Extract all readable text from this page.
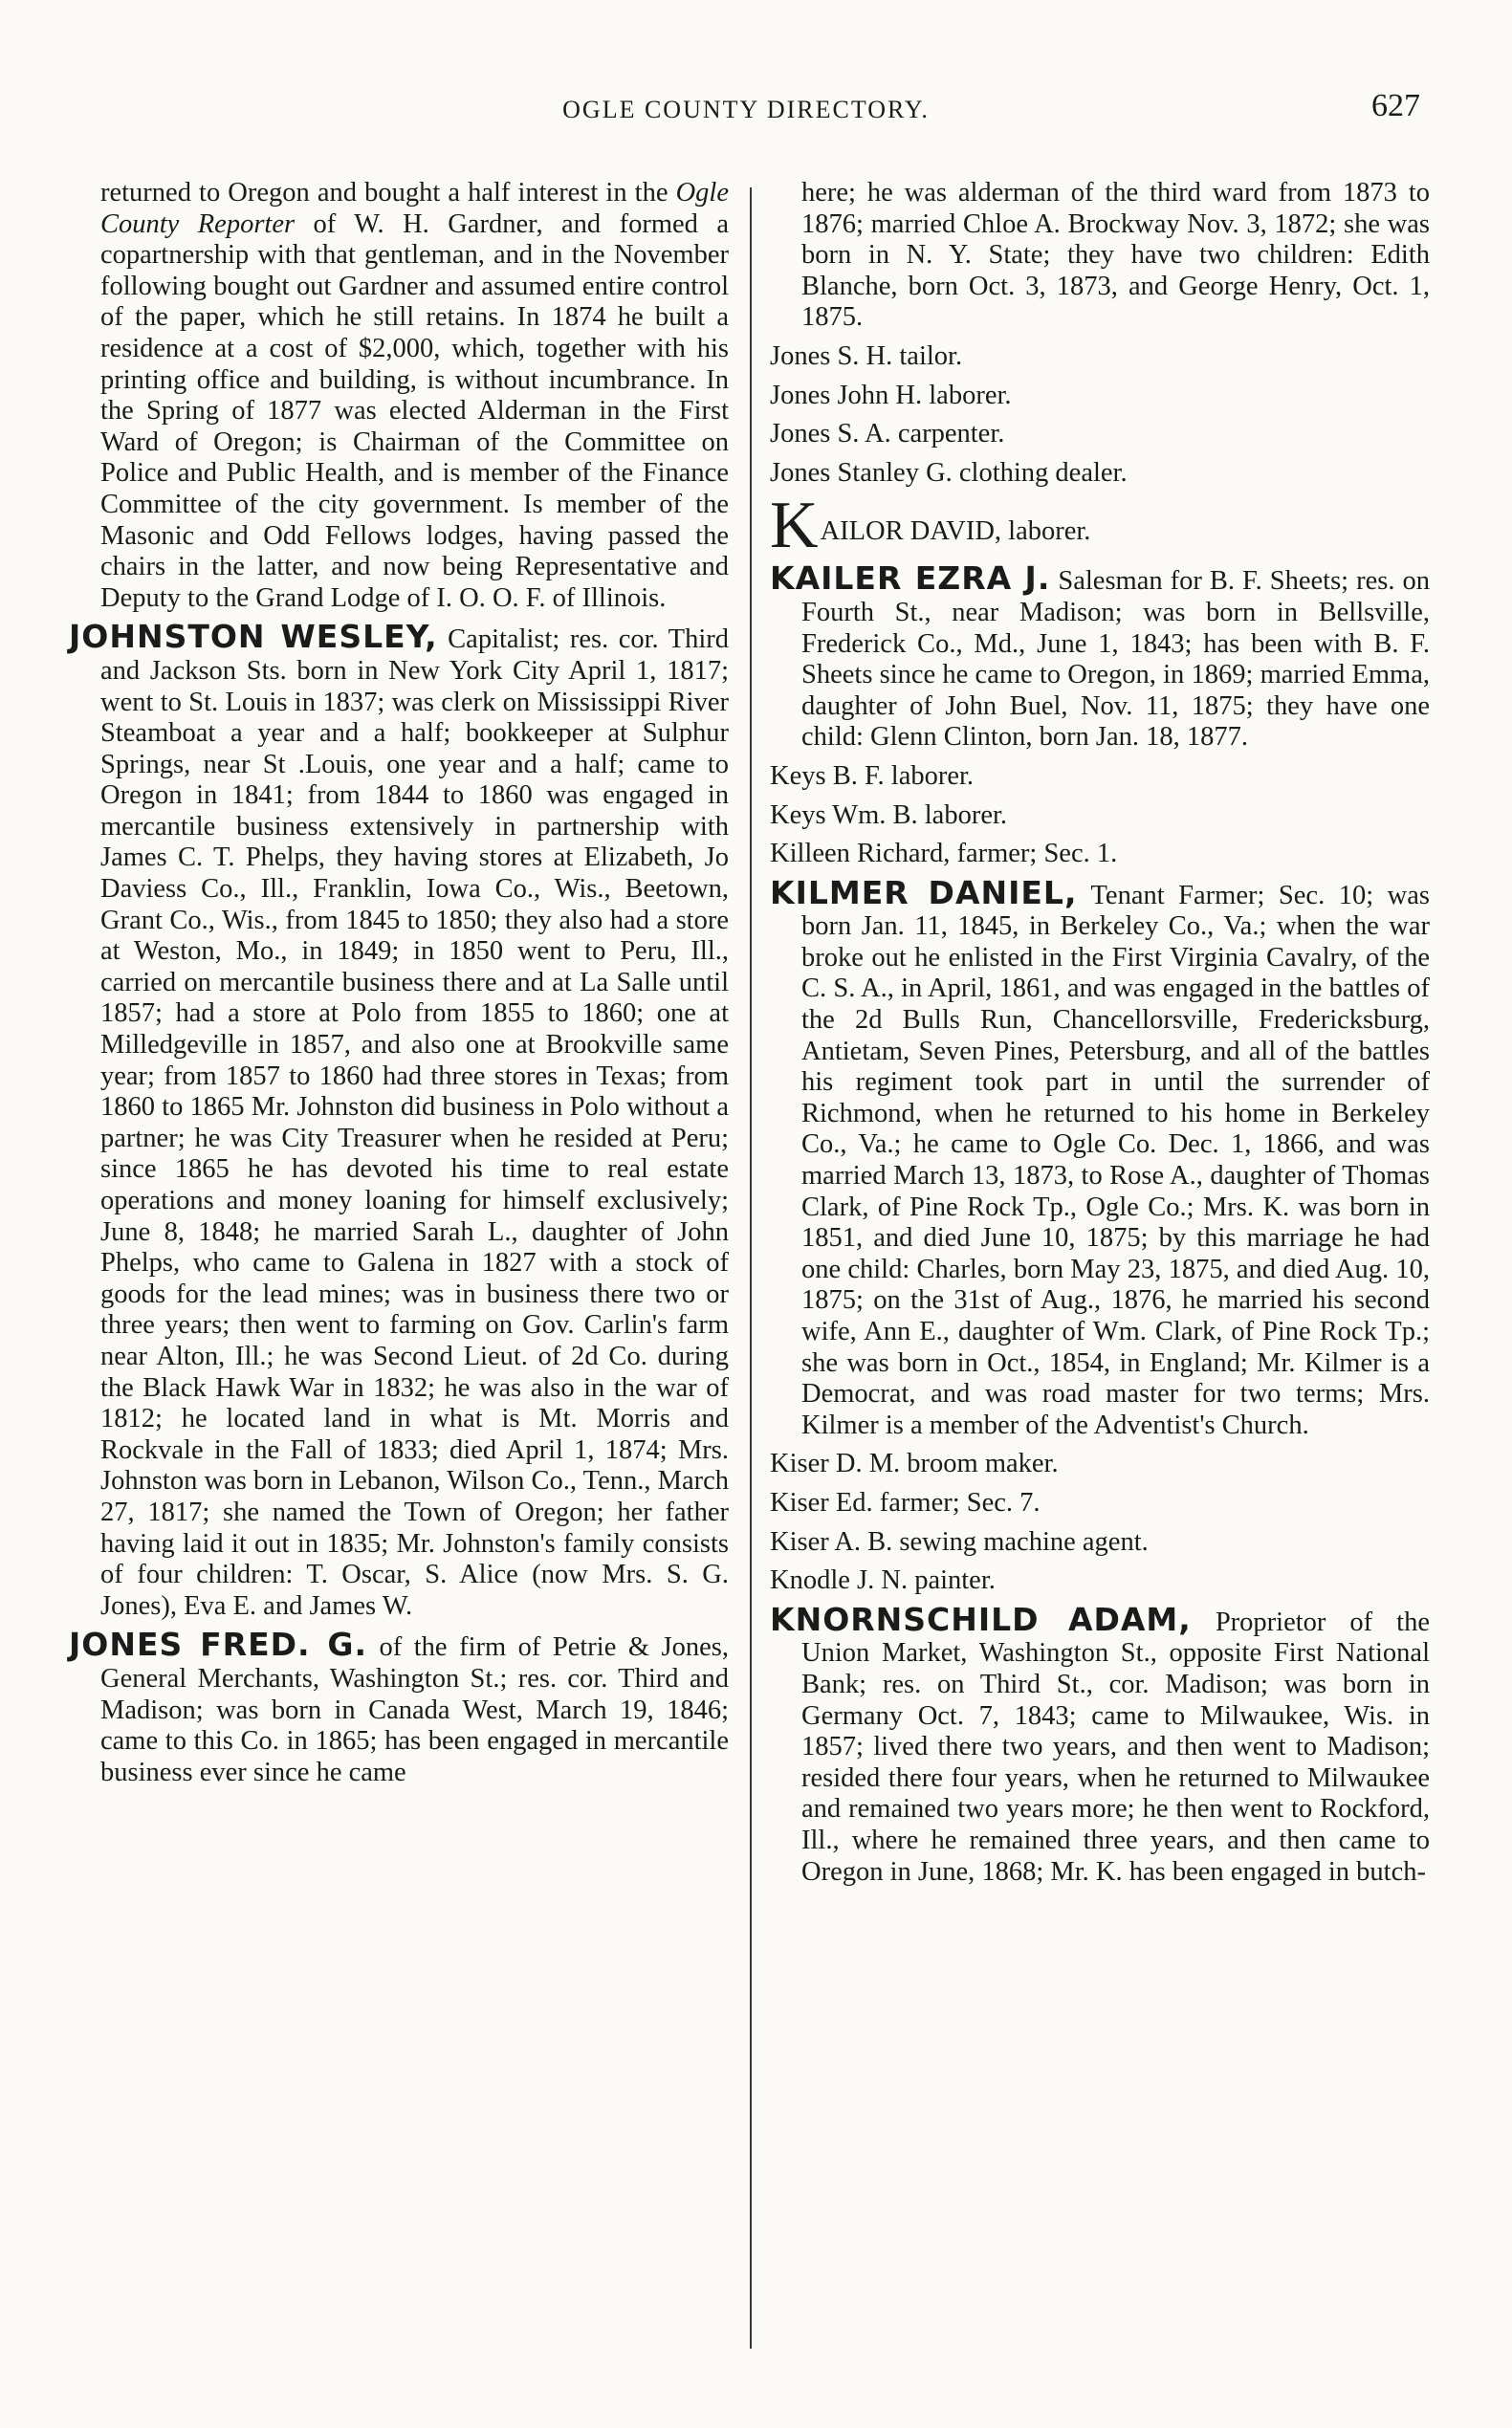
OGLE COUNTY DIRECTORY.	627

returned to Oregon and bought a half interest in the Ogle County Reporter of W. H. Gardner, and formed a copartnership with that gentleman, and in the November following bought out Gardner and assumed entire control of the paper, which he still retains. In 1874 he built a residence at a cost of $2,000, which, together with his printing office and building, is without incumbrance. In the Spring of 1877 was elected Alderman in the First Ward of Oregon; is Chairman of the Committee on Police and Public Health, and is member of the Finance Committee of the city government. Is member of the Masonic and Odd Fellows lodges, having passed the chairs in the latter, and now being Representative and Deputy to the Grand Lodge of I. O. O. F. of Illinois.

JOHNSTON WESLEY, Capitalist; res. cor. Third and Jackson Sts. born in New York City April 1, 1817; went to St. Louis in 1837; was clerk on Mississippi River Steamboat a year and a half; bookkeeper at Sulphur Springs, near St .Louis, one year and a half; came to Oregon in 1841; from 1844 to 1860 was engaged in mercantile business extensively in partnership with James C. T. Phelps, they having stores at Elizabeth, Jo Daviess Co., Ill., Franklin, Iowa Co., Wis., Beetown, Grant Co., Wis., from 1845 to 1850; they also had a store at Weston, Mo., in 1849; in 1850 went to Peru, Ill., carried on mercantile business there and at La Salle until 1857; had a store at Polo from 1855 to 1860; one at Milledgeville in 1857, and also one at Brookville same year; from 1857 to 1860 had three stores in Texas; from 1860 to 1865 Mr. Johnston did business in Polo without a partner; he was City Treasurer when he resided at Peru; since 1865 he has devoted his time to real estate operations and money loaning for himself exclusively; June 8, 1848; he married Sarah L., daughter of John Phelps, who came to Galena in 1827 with a stock of goods for the lead mines; was in business there two or three years; then went to farming on Gov. Carlin's farm near Alton, Ill.; he was Second Lieut. of 2d Co. during the Black Hawk War in 1832; he was also in the war of 1812; he located land in what is Mt. Morris and Rockvale in the Fall of 1833; died April 1, 1874; Mrs. Johnston was born in Lebanon, Wilson Co., Tenn., March 27, 1817; she named the Town of Oregon; her father having laid it out in 1835; Mr. Johnston's family consists of four children: T. Oscar, S. Alice (now Mrs. S. G. Jones), Eva E. and James W.

JONES FRED. G. of the firm of Petrie & Jones, General Merchants, Washington St.; res. cor. Third and Madison; was born in Canada West, March 19, 1846; came to this Co. in 1865; has been engaged in mercantile business ever since he came

here; he was alderman of the third ward from 1873 to 1876; married Chloe A. Brockway Nov. 3, 1872; she was born in N. Y. State; they have two children: Edith Blanche, born Oct. 3, 1873, and George Henry, Oct. 1, 1875.

Jones S. H. tailor.

Jones John H. laborer.

Jones S. A. carpenter.

Jones Stanley G. clothing dealer.

KAILOR DAVID, laborer.

KAILER EZRA J. Salesman for B. F. Sheets; res. on Fourth St., near Madison; was born in Bellsville, Frederick Co., Md., June 1, 1843; has been with B. F. Sheets since he came to Oregon, in 1869; married Emma, daughter of John Buel, Nov. 11, 1875; they have one child: Glenn Clinton, born Jan. 18, 1877.

Keys B. F. laborer.

Keys Wm. B. laborer.

Killeen Richard, farmer; Sec. 1.

KILMER DANIEL, Tenant Farmer; Sec. 10; was born Jan. 11, 1845, in Berkeley Co., Va.; when the war broke out he enlisted in the First Virginia Cavalry, of the C. S. A., in April, 1861, and was engaged in the battles of the 2d Bulls Run, Chancellorsville, Fredericksburg, Antietam, Seven Pines, Petersburg, and all of the battles his regiment took part in until the surrender of Richmond, when he returned to his home in Berkeley Co., Va.; he came to Ogle Co. Dec. 1, 1866, and was married March 13, 1873, to Rose A., daughter of Thomas Clark, of Pine Rock Tp., Ogle Co.; Mrs. K. was born in 1851, and died June 10, 1875; by this marriage he had one child: Charles, born May 23, 1875, and died Aug. 10, 1875; on the 31st of Aug., 1876, he married his second wife, Ann E., daughter of Wm. Clark, of Pine Rock Tp.; she was born in Oct., 1854, in England; Mr. Kilmer is a Democrat, and was road master for two terms; Mrs. Kilmer is a member of the Adventist's Church.

Kiser D. M. broom maker.

Kiser Ed. farmer; Sec. 7.

Kiser A. B. sewing machine agent.

Knodle J. N. painter.

KNORNSCHILD ADAM, Proprietor of the Union Market, Washington St., opposite First National Bank; res. on Third St., cor. Madison; was born in Germany Oct. 7, 1843; came to Milwaukee, Wis. in 1857; lived there two years, and then went to Madison; resided there four years, when he returned to Milwaukee and remained two years more; he then went to Rockford, Ill., where he remained three years, and then came to Oregon in June, 1868; Mr. K. has been engaged in butch-
